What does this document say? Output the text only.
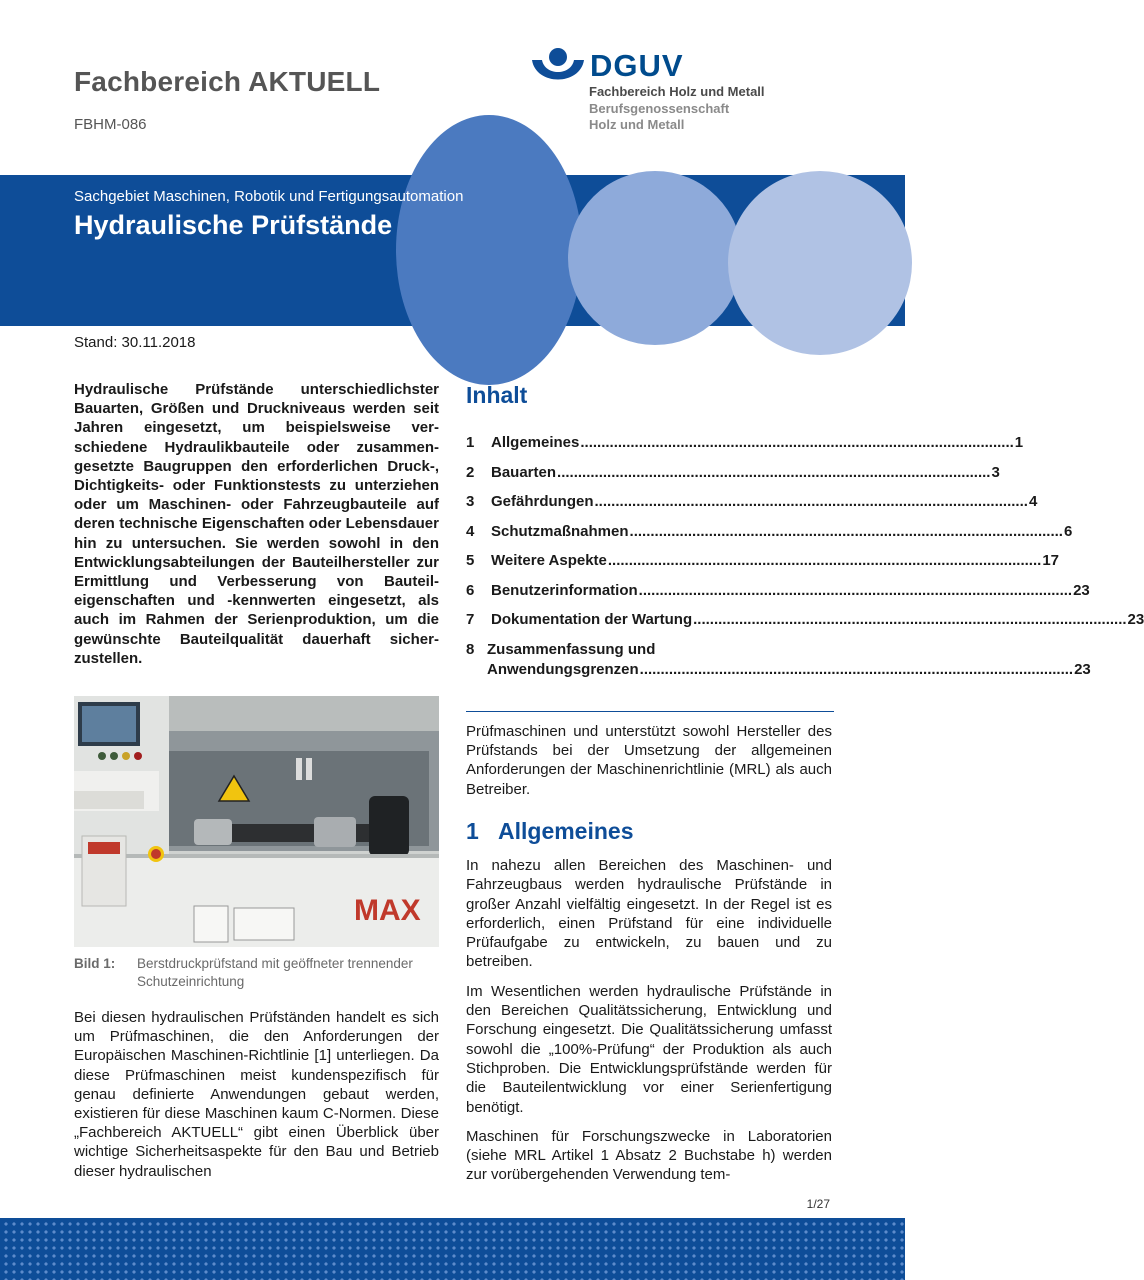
Fachbereich AKTUELL
FBHM-086
DGUV
Fachbereich Holz und Metall
Berufsgenossenschaft
Holz und Metall
Sachgebiet Maschinen, Robotik und Fertigungsautomation
Hydraulische Prüfstände
Stand: 30.11.2018
Hydraulische Prüfstände unterschiedlichster Bauarten, Größen und Druckniveaus werden seit Jahren eingesetzt, um beispielsweise verschiedene Hydraulikbauteile oder zusammengesetzte Baugruppen den erforderlichen Druck-, Dichtigkeits- oder Funktionstests zu unterziehen oder um Maschinen- oder Fahrzeugbauteile auf deren technische Eigenschaften oder Lebensdauer hin zu untersuchen. Sie werden sowohl in den Entwicklungsabteilungen der Bauteilhersteller zur Ermittlung und Verbesserung von Bauteileigenschaften und -kennwerten eingesetzt, als auch im Rahmen der Serienproduktion, um die gewünschte Bauteilqualität dauerhaft sicherzustellen.
MAX
Bild 1: Berstdruckprüfstand mit geöffneter trennender Schutzeinrichtung
Bei diesen hydraulischen Prüfständen handelt es sich um Prüfmaschinen, die den Anforderungen der Europäischen Maschinen-Richtlinie [1] unterliegen. Da diese Prüfmaschinen meist kundenspezifisch für genau definierte Anwendungen gebaut werden, existieren für diese Maschinen kaum C-Normen. Diese „Fachbereich AKTUELL“ gibt einen Überblick über wichtige Sicherheitsaspekte für den Bau und Betrieb dieser hydraulischen
Inhalt
1	Allgemeines ........................................................................................................ 1
2	Bauarten ........................................................................................................ 3
3	Gefährdungen ........................................................................................................ 4
4	Schutzmaßnahmen ........................................................................................................ 6
5	Weitere Aspekte ........................................................................................................ 17
6	Benutzerinformation ........................................................................................................ 23
7	Dokumentation der Wartung ........................................................................................................ 23
8 Zusammenfassung und
Anwendungsgrenzen ........................................................................................................ 23
Prüfmaschinen und unterstützt sowohl Hersteller des Prüfstands bei der Umsetzung der allgemeinen Anforderungen der Maschinenrichtlinie (MRL) als auch Betreiber.
1 Allgemeines

In nahezu allen Bereichen des Maschinen- und Fahrzeugbaus werden hydraulische Prüfstände in großer Anzahl vielfältig eingesetzt. In der Regel ist es erforderlich, einen Prüfstand für eine individuelle Prüfaufgabe zu entwickeln, zu bauen und zu betreiben.

Im Wesentlichen werden hydraulische Prüfstände in den Bereichen Qualitätssicherung, Entwicklung und Forschung eingesetzt. Die Qualitätssicherung umfasst sowohl die „100%-Prüfung“ der Produktion als auch Stichproben. Die Entwicklungsprüfstände werden für die Bauteilentwicklung vor einer Serienfertigung benötigt.

Maschinen für Forschungszwecke in Laboratorien (siehe MRL Artikel 1 Absatz 2 Buchstabe h) werden zur vorübergehenden Verwendung tem-

1/27
